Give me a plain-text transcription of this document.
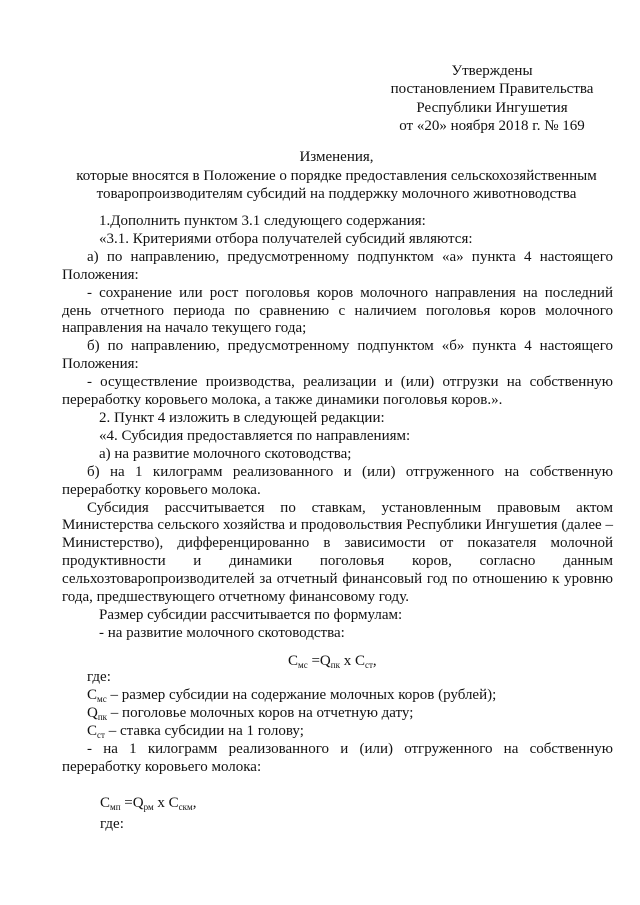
Утверждены
постановлением Правительства
Республики Ингушетия
от «20» ноября 2018 г. № 169
Изменения,
которые вносятся в Положение о порядке предоставления сельскохозяйственным
товаропроизводителям субсидий на поддержку молочного животноводства

1.Дополнить пунктом 3.1 следующего содержания:

«3.1. Критериями отбора получателей субсидий являются:

а) по направлению, предусмотренному подпунктом «а» пункта 4 настоящего Положения:

- сохранение или рост поголовья коров молочного направления на последний день отчетного периода по сравнению с наличием поголовья коров молочного направления на начало текущего года;

б) по направлению, предусмотренному подпунктом «б» пункта 4 настоящего Положения:

- осуществление производства, реализации и (или) отгрузки на собственную переработку коровьего молока, а также динамики поголовья коров.».

2. Пункт 4 изложить в следующей редакции:

«4. Субсидия предоставляется по направлениям:

а) на развитие молочного скотоводства;

б) на 1 килограмм реализованного и (или) отгруженного на собственную переработку коровьего молока.

Субсидия рассчитывается по ставкам, установленным правовым актом Министерства сельского хозяйства и продовольствия Республики Ингушетия (далее – Министерство), дифференцированно в зависимости от показателя молочной продуктивности и динамики поголовья коров, согласно данным сельхозтоваропроизводителей за отчетный финансовый год по отношению к уровню года, предшествующего отчетному финансовому году.

Размер субсидии рассчитывается по формулам:

- на развитие молочного скотоводства:

$С_{мс} =Q_{пк}$ x $С_{ст}$,
где:
$С_{мс}$ – размер субсидии на содержание молочных коров (рублей);
$Q_{пк}$ – поголовье молочных коров на отчетную дату;
$С_{ст}$ – ставка субсидии на 1 голову;

- на 1 килограмм реализованного и (или) отгруженного на собственную переработку коровьего молока:

$С_{мп} =Q_{рм}$ x $С_{скм}$,
где:
